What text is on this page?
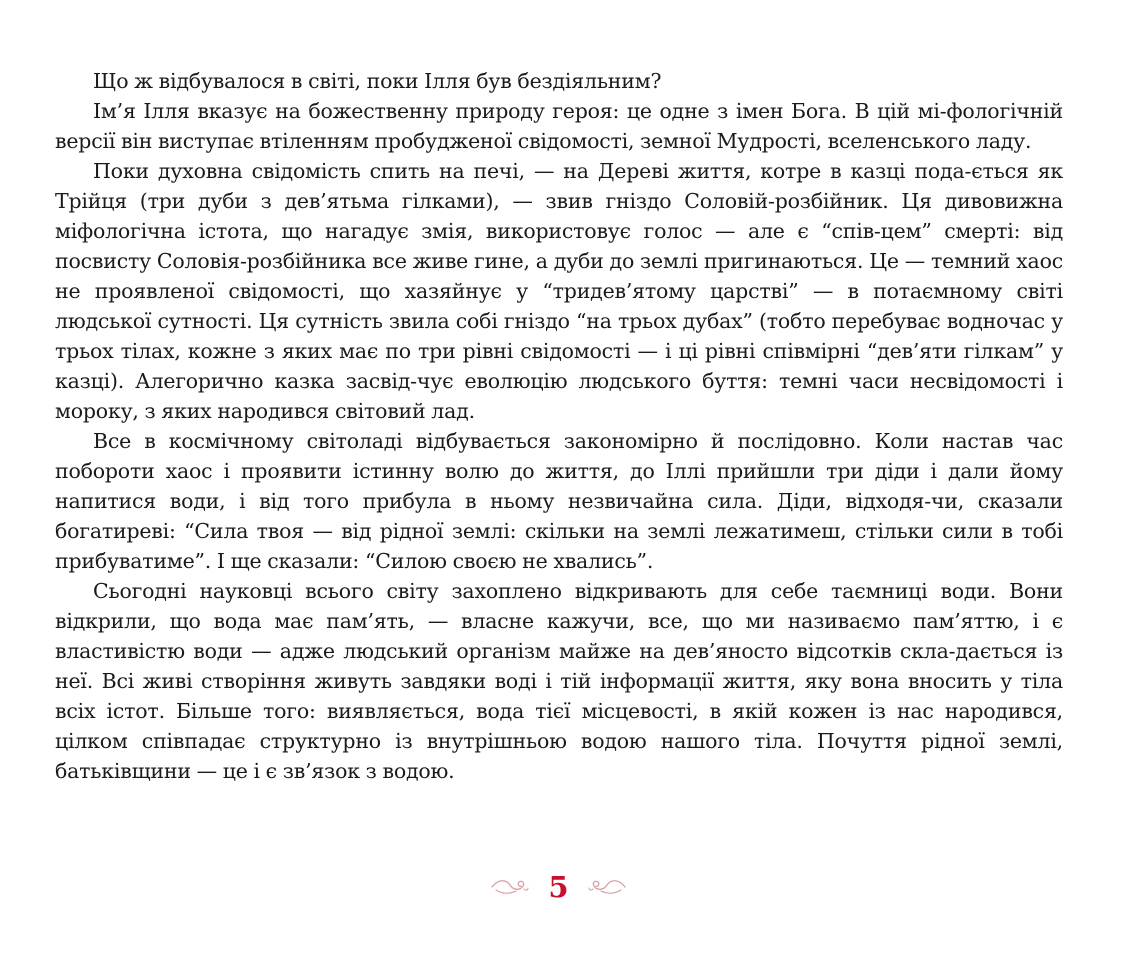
Що ж відбувалося в світі, поки Ілля був бездіяльним?

Ім’я Ілля вказує на божественну природу героя: це одне з імен Бога. В цій мі-фологічній версії він виступає втіленням пробудженої свідомості, земної Мудрості, вселенського ладу.

Поки духовна свідомість спить на печі, — на Дереві життя, котре в казці пода-ється як Трійця (три дуби з дев’ятьма гілками), — звив гніздо Соловій-розбійник. Ця дивовижна міфологічна істота, що нагадує змія, використовує голос — але є “спів-цем” смерті: від посвисту Соловія-розбійника все живе гине, а дуби до землі пригинаються. Це — темний хаос не проявленої свідомості, що хазяйнує у “тридев’ятому царстві” — в потаємному світі людської сутності. Ця сутність звила собі гніздо “на трьох дубах” (тобто перебуває водночас у трьох тілах, кожне з яких має по три рівні свідомості — і ці рівні співмірні “дев’яти гілкам” у казці). Алегорично казка засвід-чує еволюцію людського буття: темні часи несвідомості і мороку, з яких народився світовий лад.

Все в космічному світоладі відбувається закономірно й послідовно. Коли настав час побороти хаос і проявити істинну волю до життя, до Іллі прийшли три діди і дали йому напитися води, і від того прибула в ньому незвичайна сила. Діди, відходя-чи, сказали богатиреві: “Сила твоя — від рідної землі: скільки на землі лежатимеш, стільки сили в тобі прибуватиме”. І ще сказали: “Силою своєю не хвались”.

Сьогодні науковці всього світу захоплено відкривають для себе таємниці води. Вони відкрили, що вода має пам’ять, — власне кажучи, все, що ми називаємо пам’яттю, і є властивістю води — адже людський організм майже на дев’яносто відсотків скла-дається із неї. Всі живі створіння живуть завдяки воді і тій інформації життя, яку вона вносить у тіла всіх істот. Більше того: виявляється, вода тієї місцевості, в якій кожен із нас народився, цілком співпадає структурно із внутрішньою водою нашого тіла. Почуття рідної землі, батьківщини — це і є зв’язок з водою.

5
